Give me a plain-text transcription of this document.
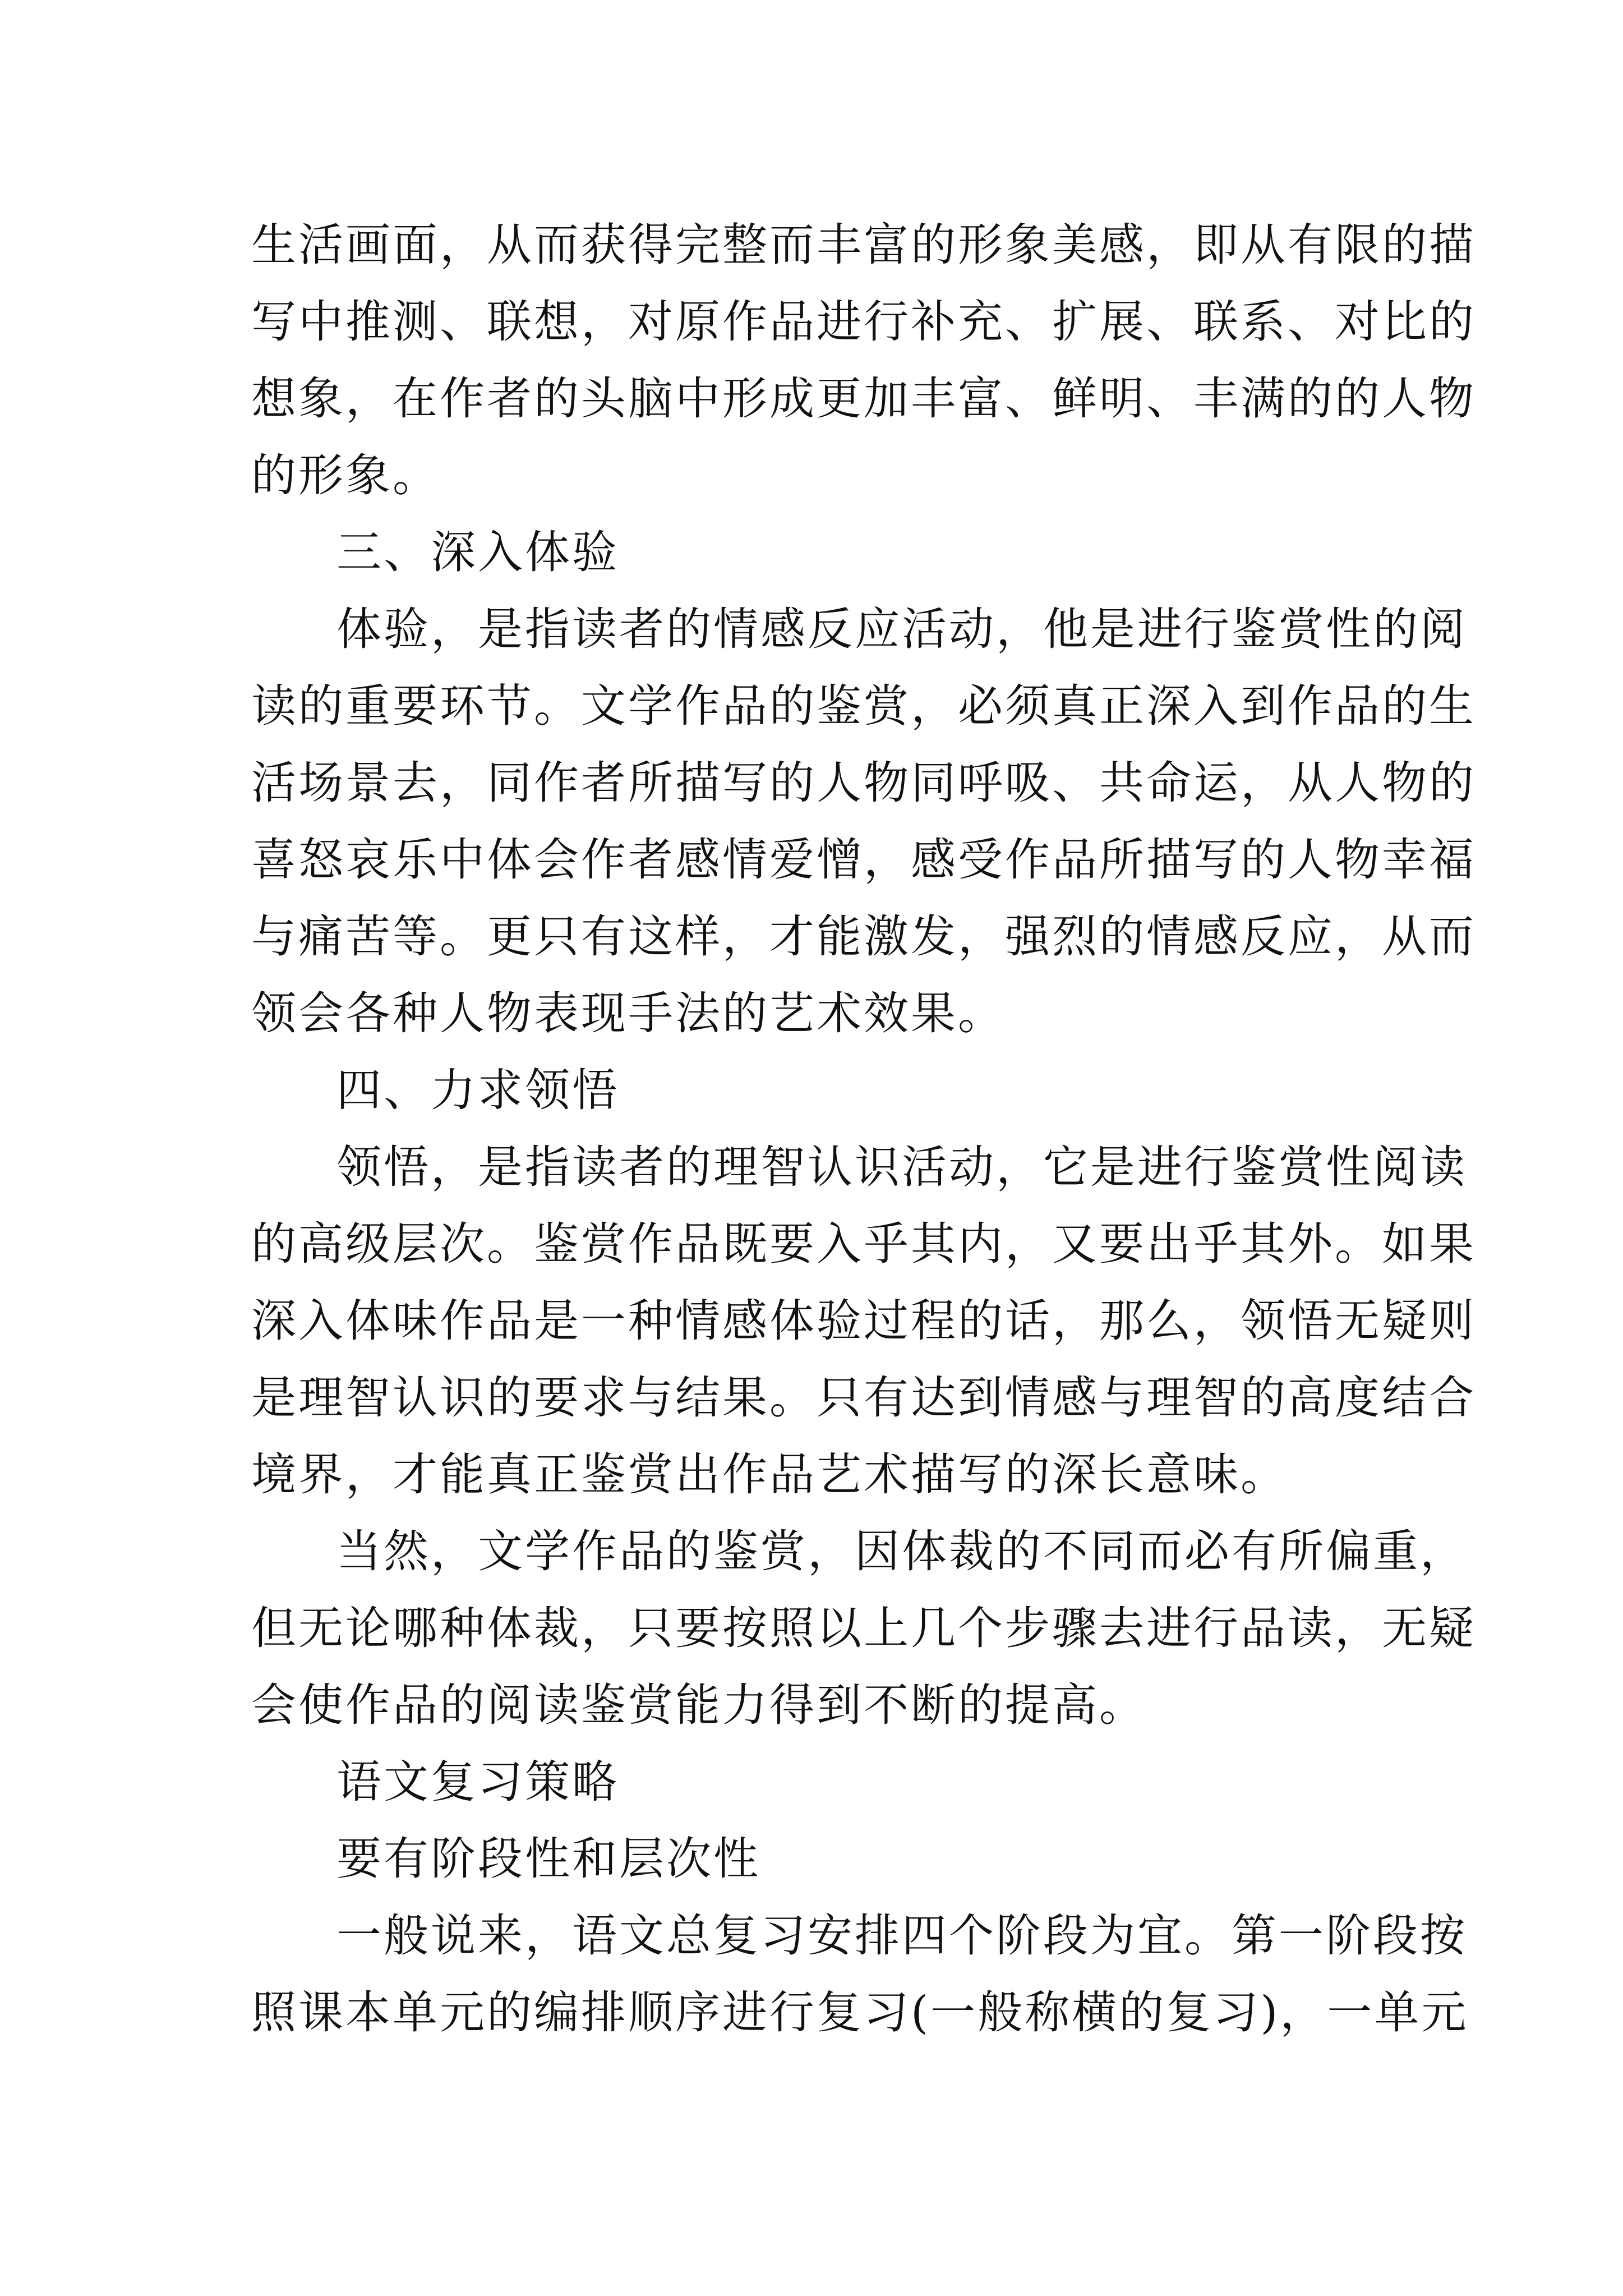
生活画面，从而获得完整而丰富的形象美感，即从有限的描
写中推测、联想，对原作品进行补充、扩展、联系、对比的
想象，在作者的头脑中形成更加丰富、鲜明、丰满的的人物
的形象。
三、深入体验
体验，是指读者的情感反应活动，他是进行鉴赏性的阅
读的重要环节。文学作品的鉴赏，必须真正深入到作品的生
活场景去，同作者所描写的人物同呼吸、共命运，从人物的
喜怒哀乐中体会作者感情爱憎，感受作品所描写的人物幸福
与痛苦等。更只有这样，才能激发，强烈的情感反应，从而
领会各种人物表现手法的艺术效果。
四、力求领悟
领悟，是指读者的理智认识活动，它是进行鉴赏性阅读
的高级层次。鉴赏作品既要入乎其内，又要出乎其外。如果
深入体味作品是一种情感体验过程的话，那么，领悟无疑则
是理智认识的要求与结果。只有达到情感与理智的高度结合
境界，才能真正鉴赏出作品艺术描写的深长意味。
当然，文学作品的鉴赏，因体裁的不同而必有所偏重，
但无论哪种体裁，只要按照以上几个步骤去进行品读，无疑
会使作品的阅读鉴赏能力得到不断的提高。
语文复习策略
要有阶段性和层次性
一般说来，语文总复习安排四个阶段为宜。第一阶段按
照课本单元的编排顺序进行复习(一般称横的复习)，一单元
